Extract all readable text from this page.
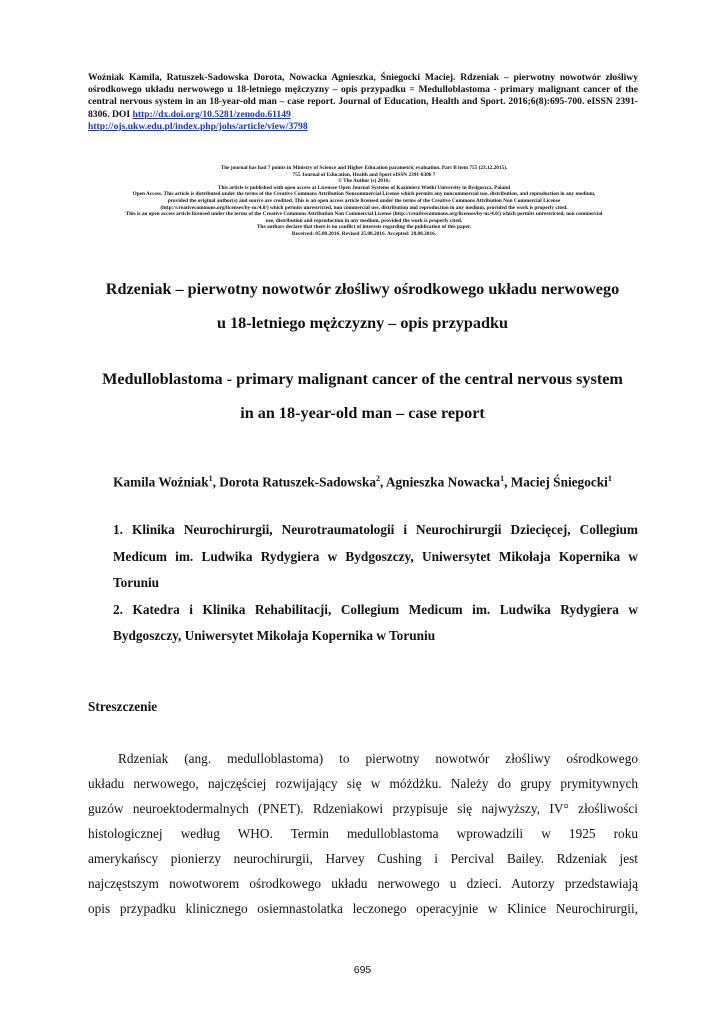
Woźniak Kamila, Ratuszek-Sadowska Dorota, Nowacka Agnieszka, Śniegocki Maciej. Rdzeniak – pierwotny nowotwór złośliwy ośrodkowego układu nerwowego u 18-letniego mężczyzny – opis przypadku = Medulloblastoma - primary malignant cancer of the central nervous system in an 18-year-old man – case report. Journal of Education, Health and Sport. 2016;6(8):695-700. eISSN 2391-8306. DOI http://dx.doi.org/10.5281/zenodo.61149
http://ojs.ukw.edu.pl/index.php/johs/article/view/3798
The journal has had 7 points in Ministry of Science and Higher Education parametric evaluation. Part B item 755 (23.12.2015).
755 Journal of Education, Health and Sport eISSN 2391-8306 7
© The Author (s) 2016;
This article is published with open access at Licensee Open Journal Systems of Kazimierz Wielki University in Bydgoszcz, Poland
Open Access. This article is distributed under the terms of the Creative Commons Attribution Noncommercial License which permits any noncommercial use, distribution, and reproduction in any medium,
provided the original author(s) and source are credited. This is an open access article licensed under the terms of the Creative Commons Attribution Non Commercial License
(http://creativecommons.org/licenses/by-nc/4.0/) which permits unrestricted, non commercial use, distribution and reproduction in any medium, provided the work is properly cited.
This is an open access article licensed under the terms of the Creative Commons Attribution Non Commercial License (http://creativecommons.org/licenses/by-nc/4.0/) which permits unrestricted, non commercial
use, distribution and reproduction in any medium, provided the work is properly cited.
The authors declare that there is no conflict of interests regarding the publication of this paper.
Received: 05.08.2016. Revised 25.08.2016. Accepted: 28.08.2016.
Rdzeniak – pierwotny nowotwór złośliwy ośrodkowego układu nerwowego
u 18-letniego mężczyzny – opis przypadku
Medulloblastoma - primary malignant cancer of the central nervous system
in an 18-year-old man – case report
Kamila Woźniak$^1$, Dorota Ratuszek-Sadowska$^2$, Agnieszka Nowacka$^1$, Maciej Śniegocki$^1$

1. Klinika Neurochirurgii, Neurotraumatologii i Neurochirurgii Dziecięcej, Collegium Medicum im. Ludwika Rydygiera w Bydgoszczy, Uniwersytet Mikołaja Kopernika w Toruniu

2. Katedra i Klinika Rehabilitacji, Collegium Medicum im. Ludwika Rydygiera w Bydgoszczy, Uniwersytet Mikołaja Kopernika w Toruniu

Streszczenie
Rdzeniak (ang. medulloblastoma) to pierwotny nowotwór złośliwy ośrodkowego
układu nerwowego, najczęściej rozwijający się w móżdżku. Należy do grupy prymitywnych
guzów neuroektodermalnych (PNET). Rdzeniakowi przypisuje się najwyższy, IV° złośliwości
histologicznej według WHO. Termin medulloblastoma wprowadzili w 1925 roku
amerykańscy pionierzy neurochirurgii, Harvey Cushing i Percival Bailey. Rdzeniak jest
najczęstszym nowotworem ośrodkowego układu nerwowego u dzieci. Autorzy przedstawiają
opis przypadku klinicznego osiemnastolatka leczonego operacyjnie w Klinice Neurochirurgii,
695
